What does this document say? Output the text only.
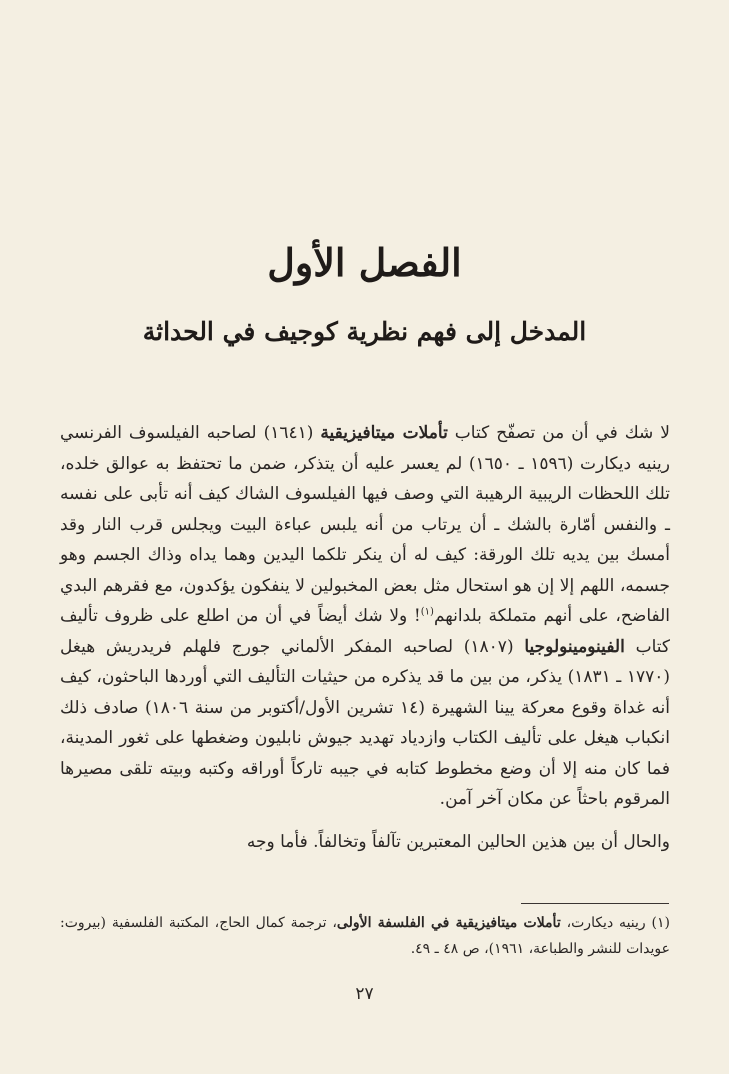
الفصل الأول
المدخل إلى فهم نظرية كوجيف في الحداثة

لا شك في أن من تصفّح كتاب تأملات ميتافيزيقية (١٦٤١) لصاحبه الفيلسوف الفرنسي رينيه ديكارت (١٥٩٦ ـ ١٦٥٠) لم يعسر عليه أن يتذكر، ضمن ما تحتفظ به عوالق خلده، تلك اللحظات الريبية الرهيبة التي وصف فيها الفيلسوف الشاك كيف أنه تأبى على نفسه ـ والنفس أمّارة بالشك ـ أن يرتاب من أنه يلبس عباءة البيت ويجلس قرب النار وقد أمسك بين يديه تلك الورقة: كيف له أن ينكر تلكما اليدين وهما يداه وذاك الجسم وهو جسمه، اللهم إلا إن هو استحال مثل بعض المخبولين لا ينفكون يؤكدون، مع فقرهم البدي الفاضح، على أنهم متملكة بلدانهم$^{(١)}$! ولا شك أيضاً في أن من اطلع على ظروف تأليف كتاب الفينومينولوجيا (١٨٠٧) لصاحبه المفكر الألماني جورج فلهلم فريدريش هيغل (١٧٧٠ ـ ١٨٣١) يذكر، من بين ما قد يذكره من حيثيات التأليف التي أوردها الباحثون، كيف أنه غداة وقوع معركة يينا الشهيرة (١٤ تشرين الأول/أكتوبر من سنة ١٨٠٦) صادف ذلك انكباب هيغل على تأليف الكتاب وازدياد تهديد جيوش نابليون وضغطها على ثغور المدينة، فما كان منه إلا أن وضع مخطوط كتابه في جيبه تاركاً أوراقه وكتبه وبيته تلقى مصيرها المرقوم باحثاً عن مكان آخر آمن.

والحال أن بين هذين الحالين المعتبرين تآلفاً وتخالفاً. فأما وجه

(١) رينيه ديكارت، تأملات ميتافيزيقية في الفلسفة الأولى، ترجمة كمال الحاج، المكتبة الفلسفية (بيروت: عويدات للنشر والطباعة، ١٩٦١)، ص ٤٨ ـ ٤٩.
٢٧
